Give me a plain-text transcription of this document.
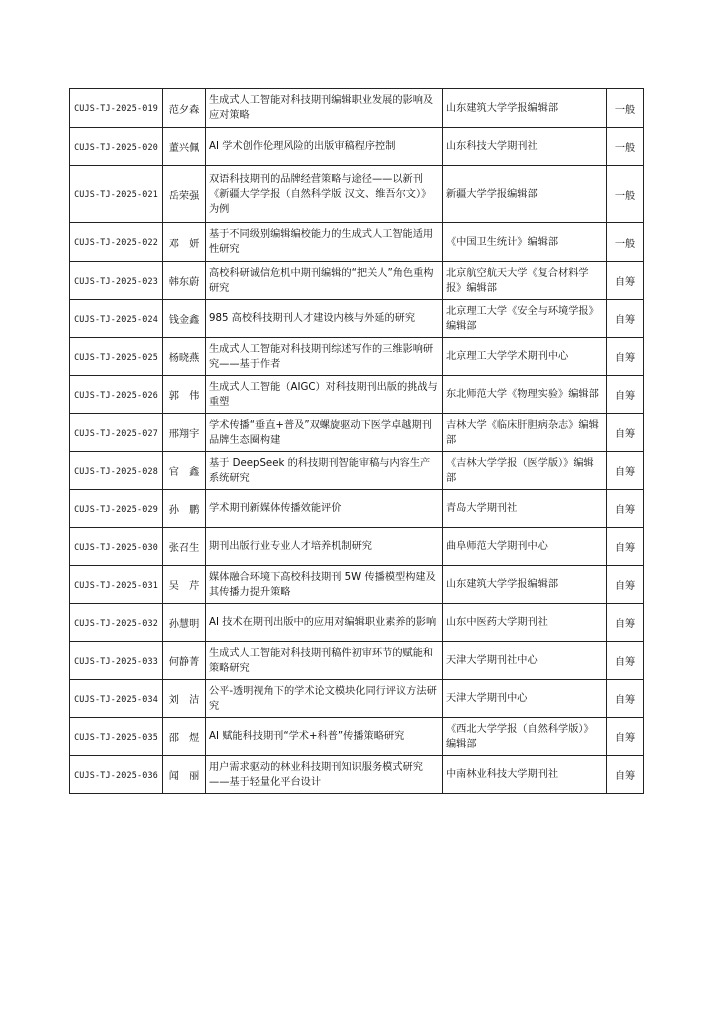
CUJS-TJ-2025-019	范夕森	生成式人工智能对科技期刊编辑职业发展的影响及应对策略	山东建筑大学学报编辑部	一般
CUJS-TJ-2025-020	董兴佩	AI 学术创作伦理风险的出版审稿程序控制	山东科技大学期刊社	一般
CUJS-TJ-2025-021	岳荣强	双语科技期刊的品牌经营策略与途径——以新刊《新疆大学学报（自然科学版 汉文、维吾尔文）》为例	新疆大学学报编辑部	一般
CUJS-TJ-2025-022	邓　妍	基于不同级别编辑编校能力的生成式人工智能适用性研究	《中国卫生统计》编辑部	一般
CUJS-TJ-2025-023	韩东蔚	高校科研诚信危机中期刊编辑的“把关人”角色重构研究	北京航空航天大学《复合材料学报》编辑部	自筹
CUJS-TJ-2025-024	钱金鑫	985 高校科技期刊人才建设内核与外延的研究	北京理工大学《安全与环境学报》编辑部	自筹
CUJS-TJ-2025-025	杨晓燕	生成式人工智能对科技期刊综述写作的三维影响研究——基于作者	北京理工大学学术期刊中心	自筹
CUJS-TJ-2025-026	郭　伟	生成式人工智能（AIGC）对科技期刊出版的挑战与重塑	东北师范大学《物理实验》编辑部	自筹
CUJS-TJ-2025-027	邢翔宇	学术传播“垂直+普及”双螺旋驱动下医学卓越期刊品牌生态圈构建	吉林大学《临床肝胆病杂志》编辑部	自筹
CUJS-TJ-2025-028	官　鑫	基于 DeepSeek 的科技期刊智能审稿与内容生产系统研究	《吉林大学学报（医学版）》编辑部	自筹
CUJS-TJ-2025-029	孙　鹏	学术期刊新媒体传播效能评价	青岛大学期刊社	自筹
CUJS-TJ-2025-030	张召生	期刊出版行业专业人才培养机制研究	曲阜师范大学期刊中心	自筹
CUJS-TJ-2025-031	吴　芹	媒体融合环境下高校科技期刊 5W 传播模型构建及其传播力提升策略	山东建筑大学学报编辑部	自筹
CUJS-TJ-2025-032	孙慧明	AI 技术在期刊出版中的应用对编辑职业素养的影响	山东中医药大学期刊社	自筹
CUJS-TJ-2025-033	何静菁	生成式人工智能对科技期刊稿件初审环节的赋能和策略研究	天津大学期刊社中心	自筹
CUJS-TJ-2025-034	刘　洁	公平-透明视角下的学术论文模块化同行评议方法研究	天津大学期刊中心	自筹
CUJS-TJ-2025-035	邵　煜	AI 赋能科技期刊“学术+科普”传播策略研究	《西北大学学报（自然科学版）》编辑部	自筹
CUJS-TJ-2025-036	闻　丽	用户需求驱动的林业科技期刊知识服务模式研究——基于轻量化平台设计	中南林业科技大学期刊社	自筹
